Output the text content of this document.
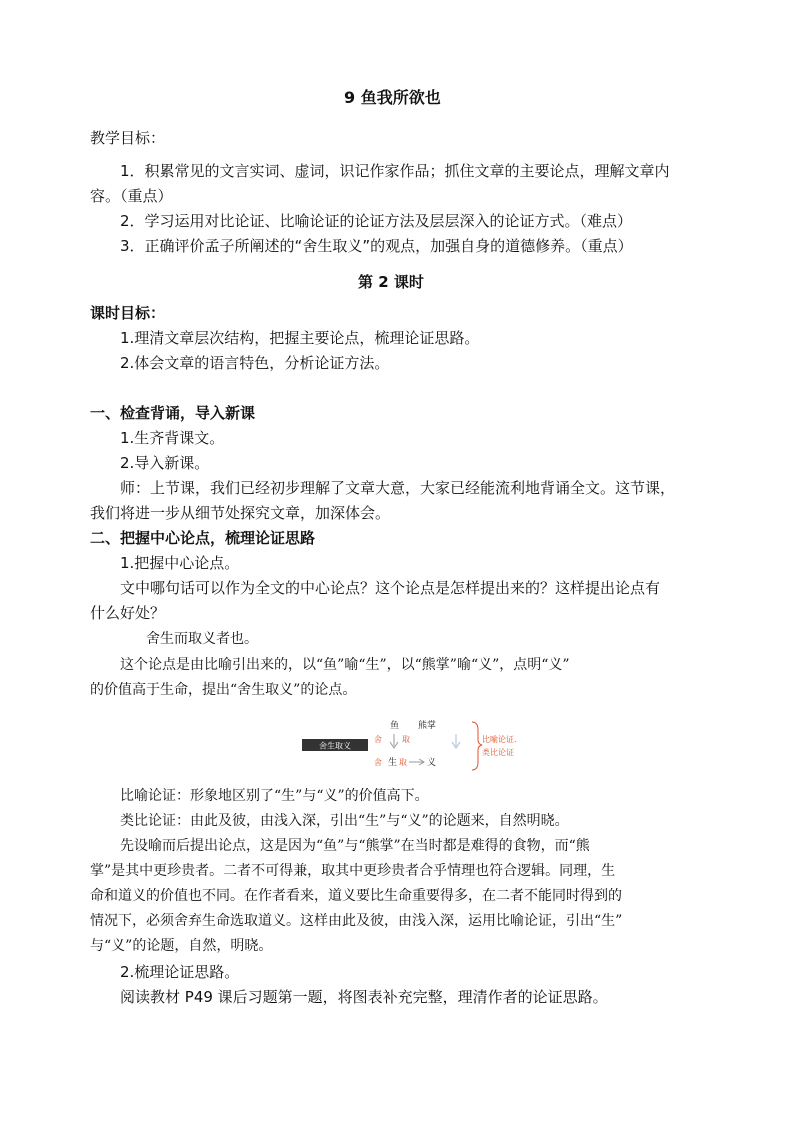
9 鱼我所欲也
教学目标：
1．积累常见的文言实词、虚词，识记作家作品；抓住文章的主要论点，理解文章内
容。（重点）
2．学习运用对比论证、比喻论证的论证方法及层层深入的论证方式。（难点）
3．正确评价孟子所阐述的“舍生取义”的观点，加强自身的道德修养。（重点）
第 2 课时
课时目标：
1.理清文章层次结构，把握主要论点，梳理论证思路。
2.体会文章的语言特色，分析论证方法。
一、检查背诵，导入新课
1.生齐背课文。
2.导入新课。
师：上节课，我们已经初步理解了文章大意，大家已经能流利地背诵全文。这节课，
我们将进一步从细节处探究文章，加深体会。
二、把握中心论点，梳理论证思路
1.把握中心论点。
文中哪句话可以作为全文的中心论点？这个论点是怎样提出来的？这样提出论点有
什么好处？
舍生而取义者也。
这个论点是由比喻引出来的，以“鱼”喻“生”，以“熊掌”喻“义”，点明“义”
的价值高于生命，提出“舍生取义”的论点。
舍生取义
鱼 熊掌
舍	取
舍 生 取 义
比喻论证.
类比论证
比喻论证：形象地区别了“生”与“义”的价值高下。
类比论证：由此及彼，由浅入深，引出“生”与“义”的论题来，自然明晓。
先设喻而后提出论点，这是因为“鱼”与“熊掌”在当时都是难得的食物，而“熊
掌”是其中更珍贵者。二者不可得兼，取其中更珍贵者合乎情理也符合逻辑。同理，生
命和道义的价值也不同。在作者看来，道义要比生命重要得多，在二者不能同时得到的
情况下，必须舍弃生命选取道义。这样由此及彼，由浅入深，运用比喻论证，引出“生”
与“义”的论题，自然，明晓。
2.梳理论证思路。
阅读教材 P49 课后习题第一题，将图表补充完整，理清作者的论证思路。
